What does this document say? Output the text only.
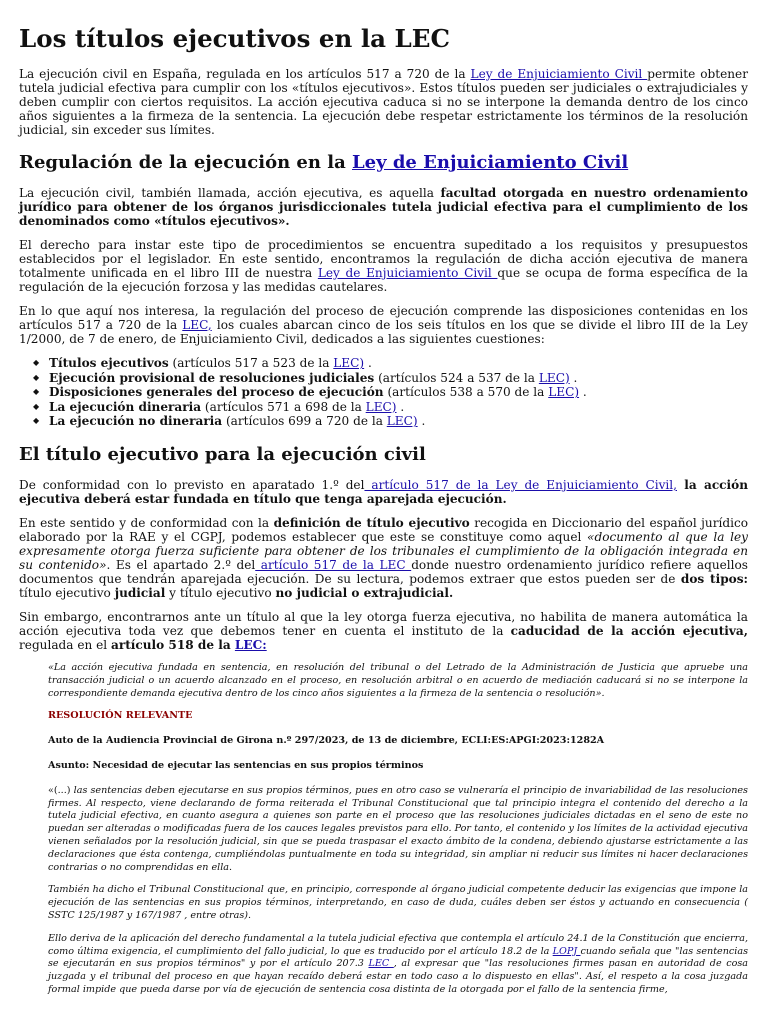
Los títulos ejecutivos en la LEC

La ejecución civil en España, regulada en los artículos 517 a 720 de la Ley de Enjuiciamiento Civil permite obtener tutela judicial efectiva para cumplir con los «títulos ejecutivos». Estos títulos pueden ser judiciales o extrajudiciales y deben cumplir con ciertos requisitos. La acción ejecutiva caduca si no se interpone la demanda dentro de los cinco años siguientes a la firmeza de la sentencia. La ejecución debe respetar estrictamente los términos de la resolución judicial, sin exceder sus límites.

Regulación de la ejecución en la Ley de Enjuiciamiento Civil

La ejecución civil, también llamada, acción ejecutiva, es aquella facultad otorgada en nuestro ordenamiento jurídico para obtener de los órganos jurisdiccionales tutela judicial efectiva para el cumplimiento de los denominados como «títulos ejecutivos».

El derecho para instar este tipo de procedimientos se encuentra supeditado a los requisitos y presupuestos establecidos por el legislador. En este sentido, encontramos la regulación de dicha acción ejecutiva de manera totalmente unificada en el libro III de nuestra Ley de Enjuiciamiento Civil que se ocupa de forma específica de la regulación de la ejecución forzosa y las medidas cautelares.

En lo que aquí nos interesa, la regulación del proceso de ejecución comprende las disposiciones contenidas en los artículos 517 a 720 de la LEC, los cuales abarcan cinco de los seis títulos en los que se divide el libro III de la Ley 1/2000, de 7 de enero, de Enjuiciamiento Civil, dedicados a las siguientes cuestiones:

◆ Títulos ejecutivos (artículos 517 a 523 de la LEC) .
◆ Ejecución provisional de resoluciones judiciales (artículos 524 a 537 de la LEC) .
◆ Disposiciones generales del proceso de ejecución (artículos 538 a 570 de la LEC) .
◆ La ejecución dineraria (artículos 571 a 698 de la LEC) .
◆ La ejecución no dineraria (artículos 699 a 720 de la LEC) .
El título ejecutivo para la ejecución civil

De conformidad con lo previsto en aparatado 1.º del artículo 517 de la Ley de Enjuiciamiento Civil, la acción ejecutiva deberá estar fundada en título que tenga aparejada ejecución.

En este sentido y de conformidad con la definición de título ejecutivo recogida en Diccionario del español jurídico elaborado por la RAE y el CGPJ, podemos establecer que este se constituye como aquel «documento al que la ley expresamente otorga fuerza suficiente para obtener de los tribunales el cumplimiento de la obligación integrada en su contenido». Es el apartado 2.º del artículo 517 de la LEC donde nuestro ordenamiento jurídico refiere aquellos documentos que tendrán aparejada ejecución. De su lectura, podemos extraer que estos pueden ser de dos tipos: título ejecutivo judicial y título ejecutivo no judicial o extrajudicial.

Sin embargo, encontrarnos ante un título al que la ley otorga fuerza ejecutiva, no habilita de manera automática la acción ejecutiva toda vez que debemos tener en cuenta el instituto de la caducidad de la acción ejecutiva, regulada en el artículo 518 de la LEC:

«La acción ejecutiva fundada en sentencia, en resolución del tribunal o del Letrado de la Administración de Justicia que apruebe una transacción judicial o un acuerdo alcanzado en el proceso, en resolución arbitral o en acuerdo de mediación caducará si no se interpone la correspondiente demanda ejecutiva dentro de los cinco años siguientes a la firmeza de la sentencia o resolución».

RESOLUCIÓN RELEVANTE

Auto de la Audiencia Provincial de Girona n.º 297/2023, de 13 de diciembre, ECLI:ES:APGI:2023:1282A

Asunto: Necesidad de ejecutar las sentencias en sus propios términos

«(...) las sentencias deben ejecutarse en sus propios términos, pues en otro caso se vulneraría el principio de invariabilidad de las resoluciones firmes. Al respecto, viene declarando de forma reiterada el Tribunal Constitucional que tal principio integra el contenido del derecho a la tutela judicial efectiva, en cuanto asegura a quienes son parte en el proceso que las resoluciones judiciales dictadas en el seno de este no puedan ser alteradas o modificadas fuera de los cauces legales previstos para ello. Por tanto, el contenido y los límites de la actividad ejecutiva vienen señalados por la resolución judicial, sin que se pueda traspasar el exacto ámbito de la condena, debiendo ajustarse estrictamente a las declaraciones que ésta contenga, cumpliéndolas puntualmente en toda su integridad, sin ampliar ni reducir sus límites ni hacer declaraciones contrarias o no comprendidas en ella.

También ha dicho el Tribunal Constitucional que, en principio, corresponde al órgano judicial competente deducir las exigencias que impone la ejecución de las sentencias en sus propios términos, interpretando, en caso de duda, cuáles deben ser éstos y actuando en consecuencia ( SSTC 125/1987 y 167/1987 , entre otras).

Ello deriva de la aplicación del derecho fundamental a la tutela judicial efectiva que contempla el artículo 24.1 de la Constitución que encierra, como última exigencia, el cumplimiento del fallo judicial, lo que es traducido por el artículo 18.2 de la LOPJ cuando señala que "las sentencias se ejecutarán en sus propios términos" y por el artículo 207.3 LEC , al expresar que "las resoluciones firmes pasan en autoridad de cosa juzgada y el tribunal del proceso en que hayan recaído deberá estar en todo caso a lo dispuesto en ellas". Así, el respeto a la cosa juzgada formal impide que pueda darse por vía de ejecución de sentencia cosa distinta de la otorgada por el fallo de la sentencia firme,
